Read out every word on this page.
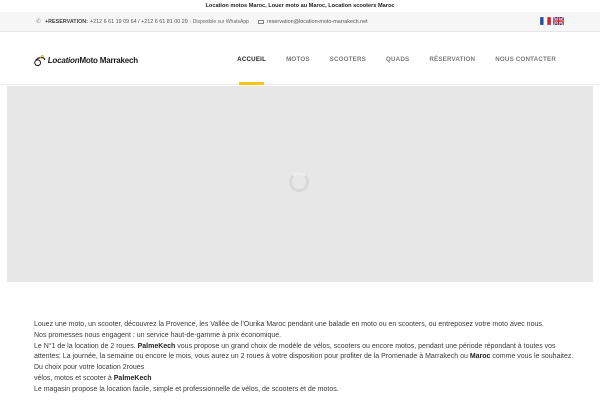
Location motos Maroc, Louer moto au Maroc, Location scooters Maroc
✆ +RESERVATION: +212 6 61 19 09 64 / +212 6 61 81 00 29 - Disponible sur WhatsApp	reservation@location-moto-marrakech.net
LocationMoto Marrakech	ACCUEIL	MOTOS	SCOOTERS	QUADS	RÉSERVATION	NOUS CONTACTER

Louez une moto, un scooter, découvrez la Provence, les Vallée de l'Ourika Maroc pendant une balade en moto ou en scooters, ou entreposez votre moto avec nous.

Nos promesses nous engagent : un service haut-de-gamme à prix économique.

Le N°1 de la location de 2 roues. PalmeKech vous propose un grand choix de modèle de vélos, scooters ou encore motos, pendant une période répondant à toutes vos attentes: La journée, la semaine ou encore le mois, vous aurez un 2 roues à votre disposition pour profiter de la Promenade à Marrakech ou Maroc comme vous le souhaitez.

Du choix pour votre location 2roues

vélos, motos et scooter à PalmeKech

Le magasin propose la location facile, simple et professionnelle de vélos, de scooters et de motos.
